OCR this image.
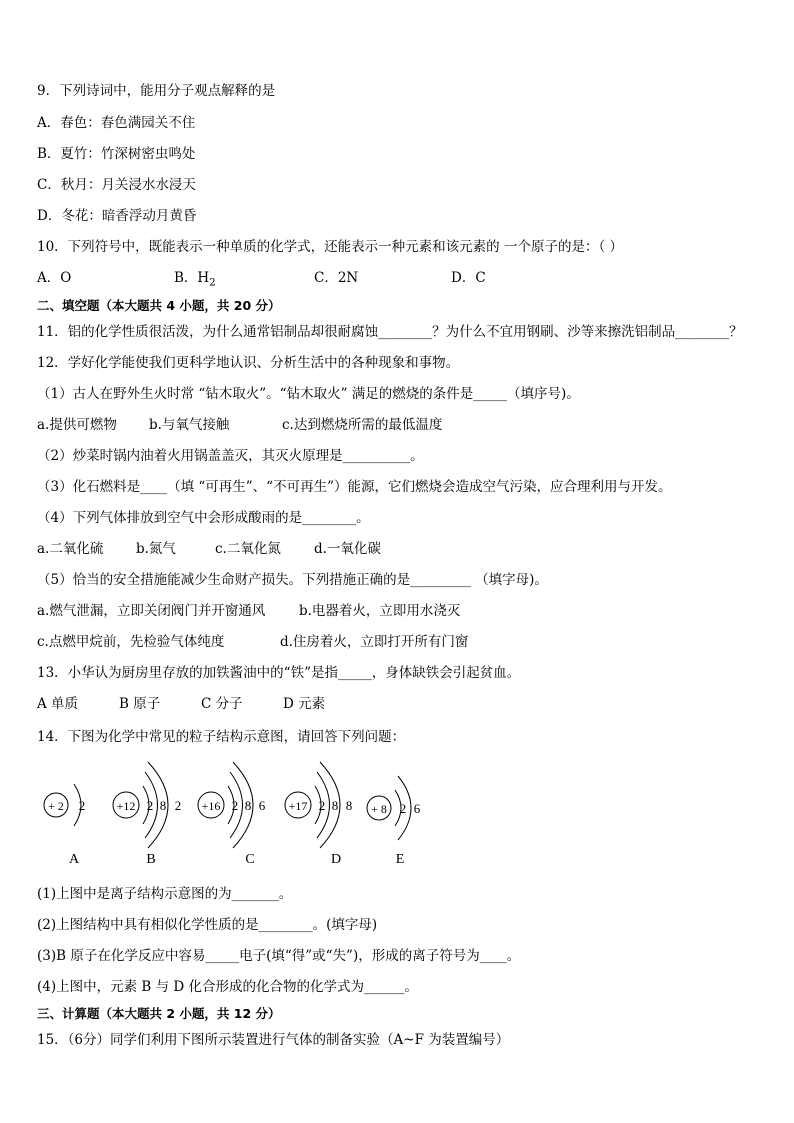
9．下列诗词中，能用分子观点解释的是
A．春色：春色满园关不住
B．夏竹：竹深树密虫鸣处
C．秋月：月关浸水水浸天
D．冬花：暗香浮动月黄昏
10．下列符号中，既能表示一种单质的化学式，还能表示一种元素和该元素的 一个原子的是：（ ）
A．O	B．$H_2$	C．2N	D．C
二、填空题（本大题共 4 小题，共 20 分）
11．铝的化学性质很活泼，为什么通常铝制品却很耐腐蚀________？为什么不宜用钢刷、沙等来擦洗铝制品________？
12．学好化学能使我们更科学地认识、分析生活中的各种现象和事物。
（1）古人在野外生火时常 “钻木取火”。“钻木取火” 满足的燃烧的条件是_____（填序号)。
a.提供可燃物 b.与氧气接触	c.达到燃烧所需的最低温度
（2）炒菜时锅内油着火用锅盖盖灭，其灭火原理是__________。
（3）化石燃料是____（填 “可再生”、“不可再生”）能源，它们燃烧会造成空气污染，应合理利用与开发。
（4）下列气体排放到空气中会形成酸雨的是________。
a.二氧化硫 b.氮气	c.二氧化氮 d.一氧化碳
（5）恰当的安全措施能减少生命财产损失。下列措施正确的是_________ （填字母)。
a.燃气泄漏，立即关闭阀门并开窗通风 b.电器着火，立即用水浇灭
c.点燃甲烷前，先检验气体纯度	d.住房着火，立即打开所有门窗
13．小华认为厨房里存放的加铁酱油中的“铁”是指_____，身体缺铁会引起贫血。
A 单质	B 原子	C 分子	D 元素
14．下图为化学中常见的粒子结构示意图，请回答下列问题：
+ 2 2
A
+12 2 8 2
B
+16 2 8 6
C
+17 2 8 8
D
+ 8 2 6
E
(1)上图中是离子结构示意图的为_______。
(2)上图结构中具有相似化学性质的是________。(填字母)
(3)B 原子在化学反应中容易_____电子(填“得”或“失”)，形成的离子符号为____。
(4)上图中，元素 B 与 D 化合形成的化合物的化学式为______。
三、计算题（本大题共 2 小题，共 12 分）
15．（6分）同学们利用下图所示装置进行气体的制备实验（A~F 为装置编号）
